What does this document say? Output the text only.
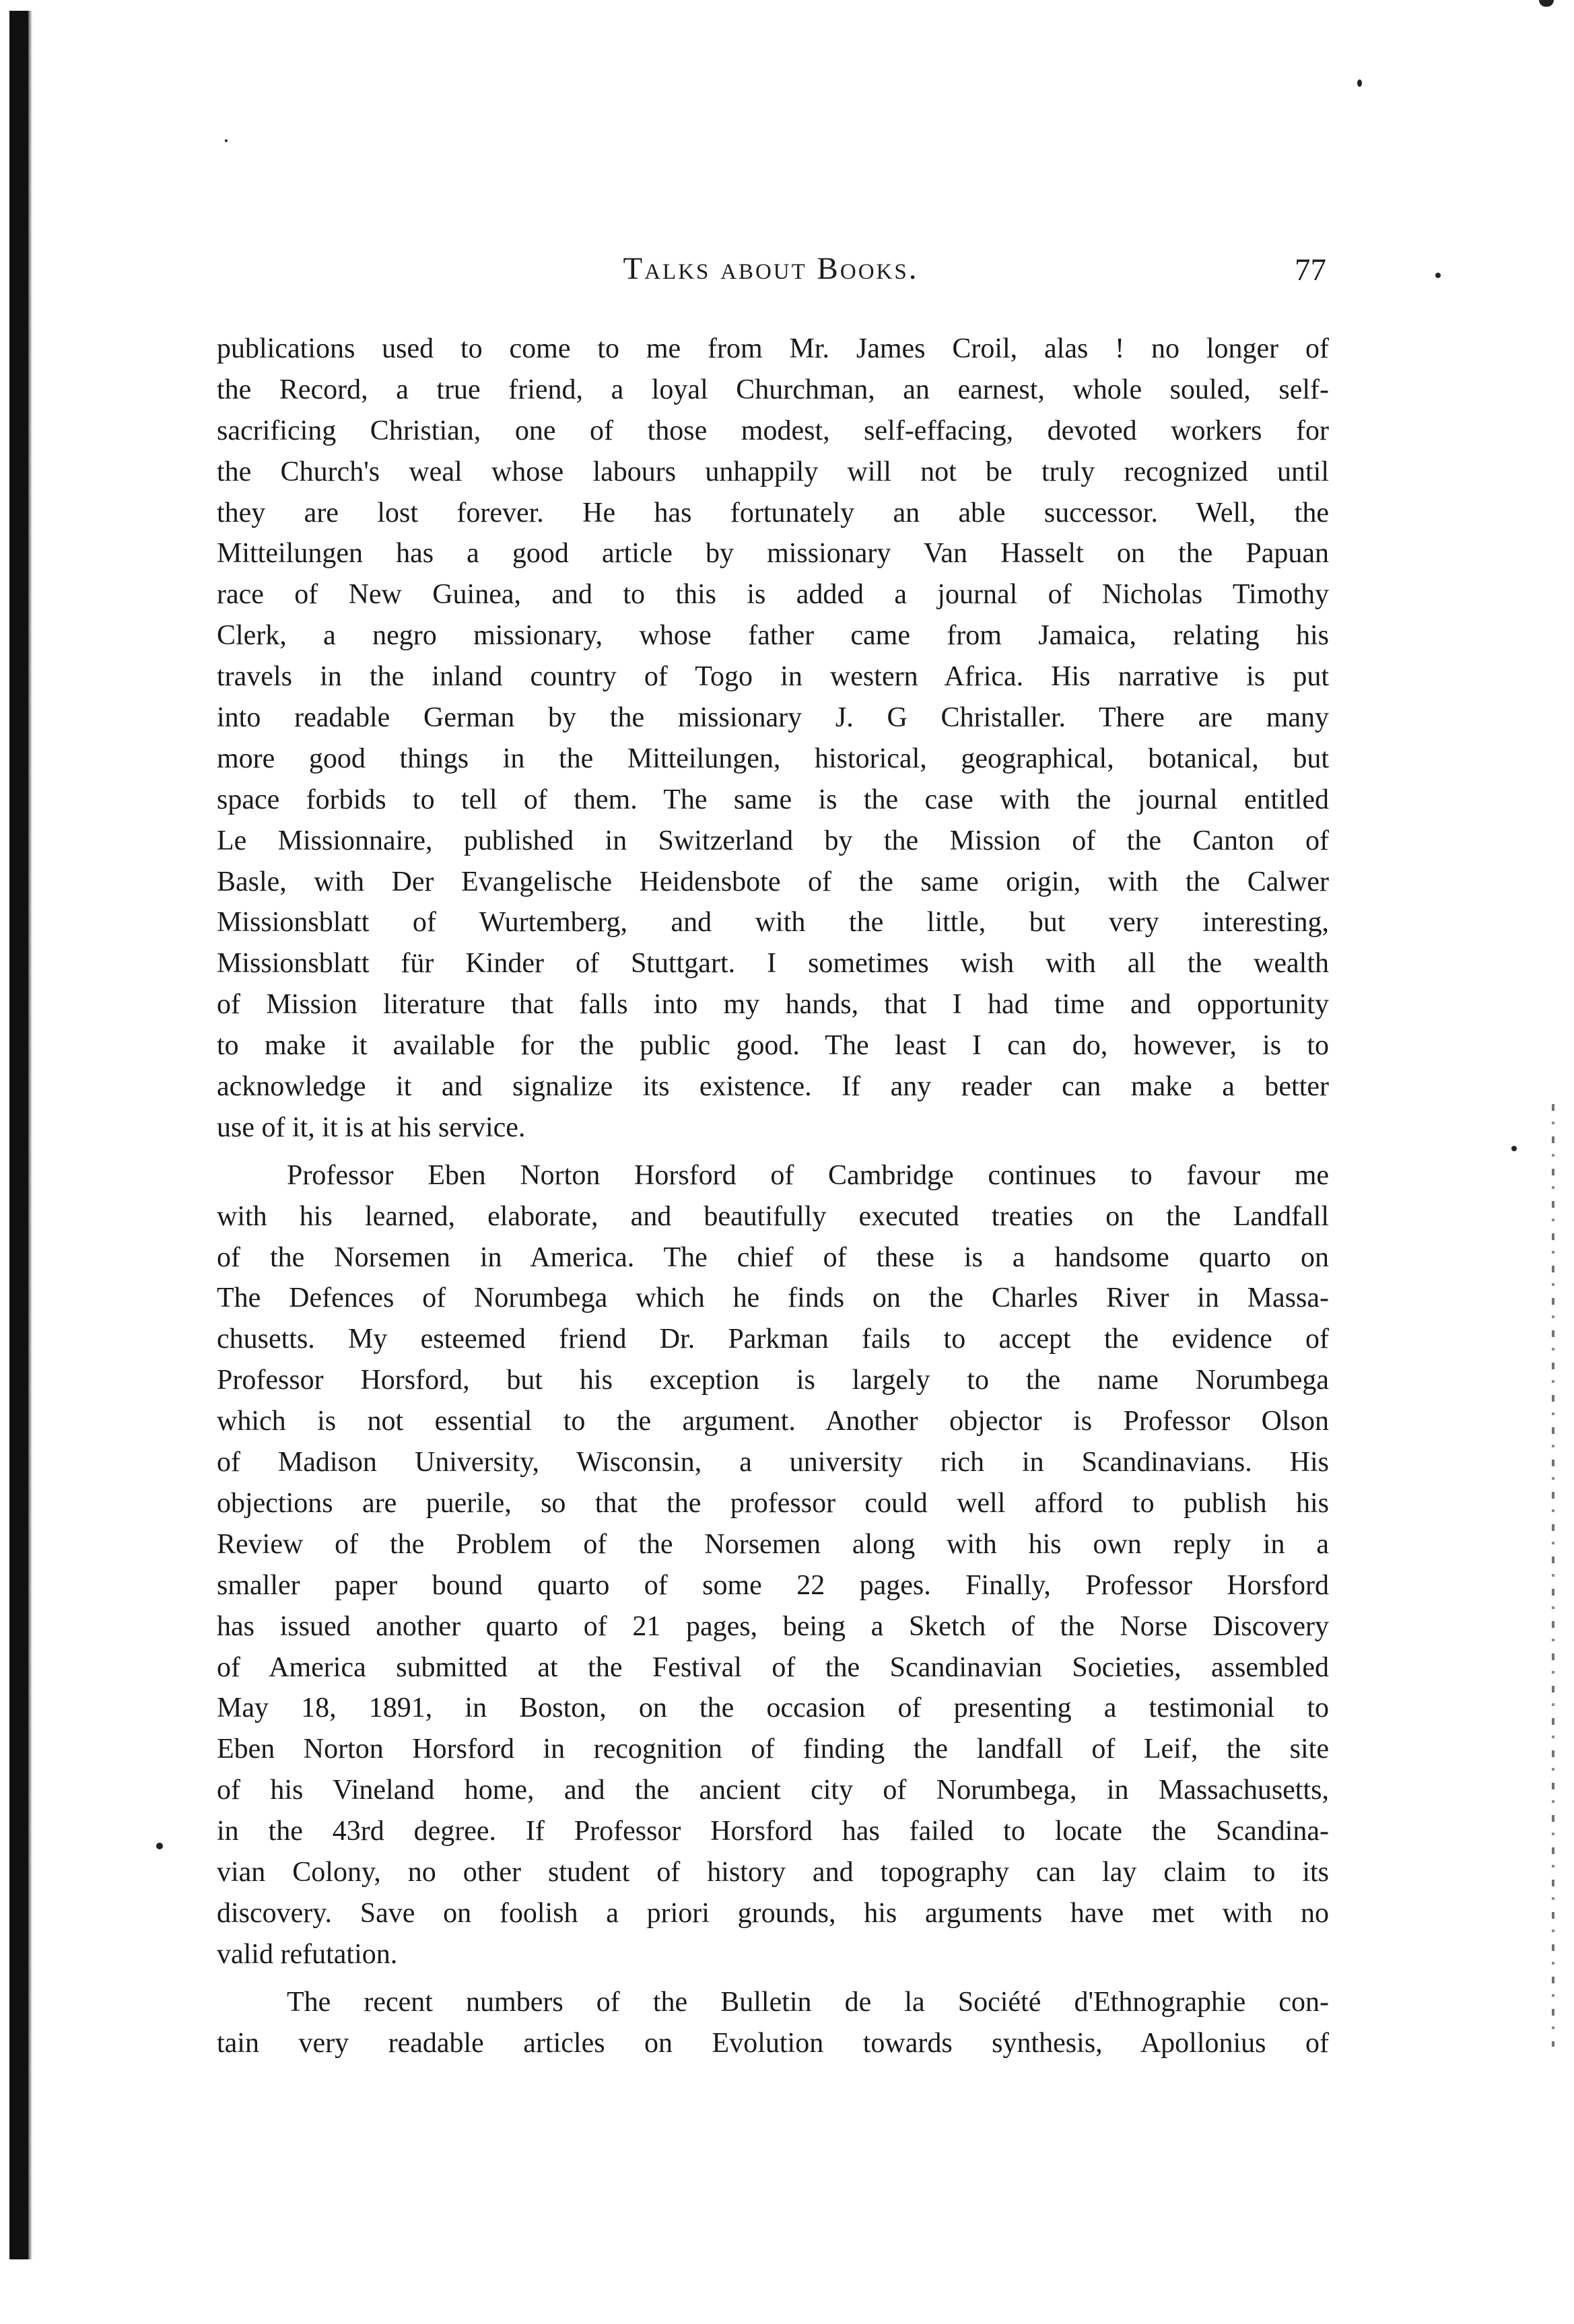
Talks about Books.	77
publications used to come to me from Mr. James Croil, alas ! no longer of
the Record, a true friend, a loyal Churchman, an earnest, whole souled, self-
sacrificing Christian, one of those modest, self-effacing, devoted workers for
the Church's weal whose labours unhappily will not be truly recognized until
they are lost forever. He has fortunately an able successor. Well, the
Mitteilungen has a good article by missionary Van Hasselt on the Papuan
race of New Guinea, and to this is added a journal of Nicholas Timothy
Clerk, a negro missionary, whose father came from Jamaica, relating his
travels in the inland country of Togo in western Africa. His narrative is put
into readable German by the missionary J. G Christaller. There are many
more good things in the Mitteilungen, historical, geographical, botanical, but
space forbids to tell of them. The same is the case with the journal entitled
Le Missionnaire, published in Switzerland by the Mission of the Canton of
Basle, with Der Evangelische Heidensbote of the same origin, with the Calwer
Missionsblatt of Wurtemberg, and with the little, but very interesting,
Missionsblatt für Kinder of Stuttgart. I sometimes wish with all the wealth
of Mission literature that falls into my hands, that I had time and opportunity
to make it available for the public good. The least I can do, however, is to
acknowledge it and signalize its existence. If any reader can make a better
use of it, it is at his service.
Professor Eben Norton Horsford of Cambridge continues to favour me
with his learned, elaborate, and beautifully executed treaties on the Landfall
of the Norsemen in America. The chief of these is a handsome quarto on
The Defences of Norumbega which he finds on the Charles River in Massa-
chusetts. My esteemed friend Dr. Parkman fails to accept the evidence of
Professor Horsford, but his exception is largely to the name Norumbega
which is not essential to the argument. Another objector is Professor Olson
of Madison University, Wisconsin, a university rich in Scandinavians. His
objections are puerile, so that the professor could well afford to publish his
Review of the Problem of the Norsemen along with his own reply in a
smaller paper bound quarto of some 22 pages. Finally, Professor Horsford
has issued another quarto of 21 pages, being a Sketch of the Norse Discovery
of America submitted at the Festival of the Scandinavian Societies, assembled
May 18, 1891, in Boston, on the occasion of presenting a testimonial to
Eben Norton Horsford in recognition of finding the landfall of Leif, the site
of his Vineland home, and the ancient city of Norumbega, in Massachusetts,
in the 43rd degree. If Professor Horsford has failed to locate the Scandina-
vian Colony, no other student of history and topography can lay claim to its
discovery. Save on foolish a priori grounds, his arguments have met with no
valid refutation.
The recent numbers of the Bulletin de la Société d'Ethnographie con-
tain very readable articles on Evolution towards synthesis, Apollonius of
